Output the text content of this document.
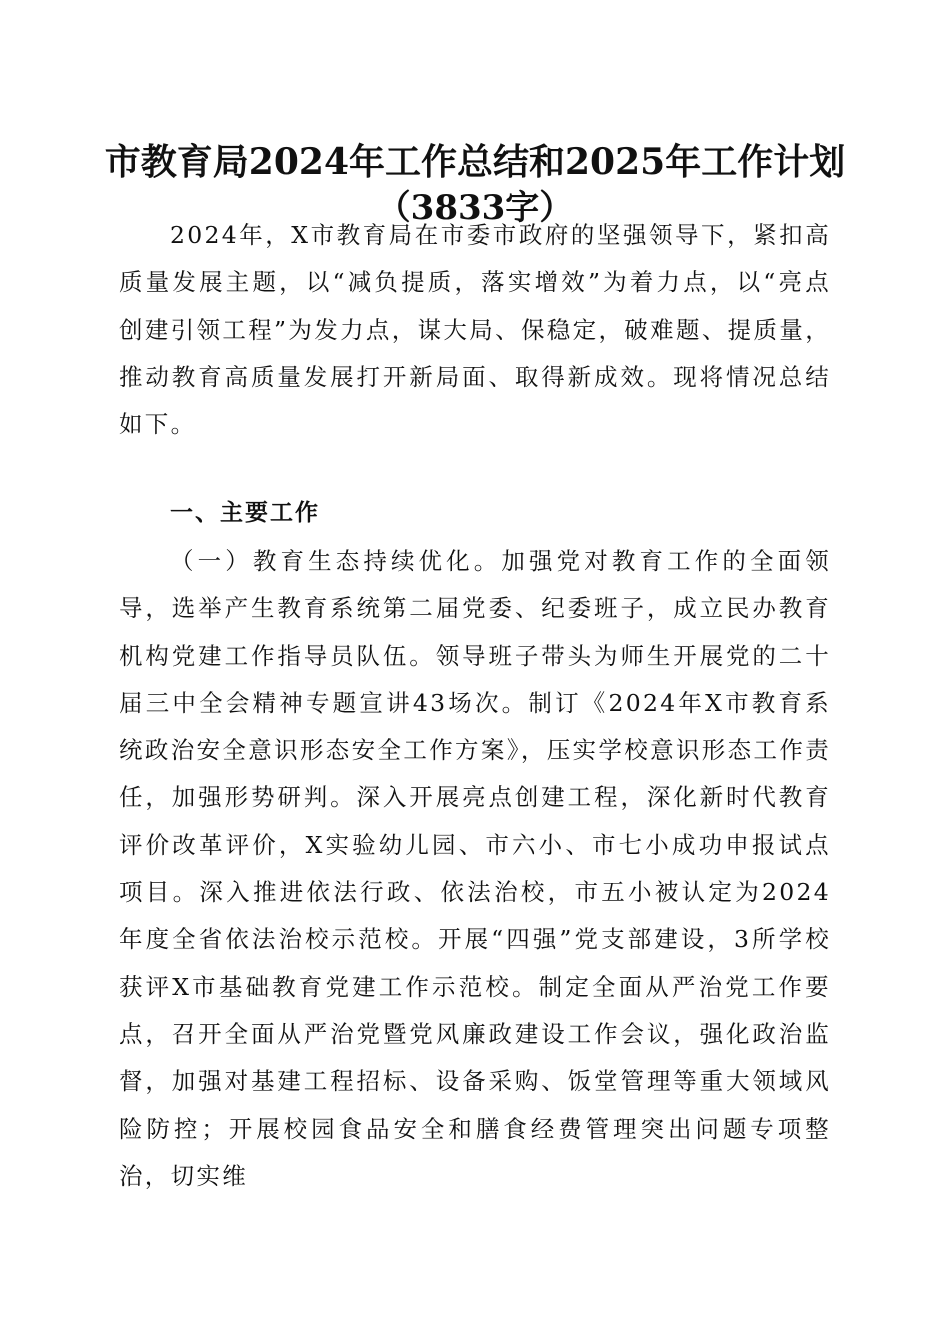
市教育局2024年工作总结和2025年工作计划
（3833字）
2024年，X市教育局在市委市政府的坚强领导下，紧扣高质量发展主题，以“减负提质，落实增效”为着力点，以“亮点创建引领工程”为发力点，谋大局、保稳定，破难题、提质量，推动教育高质量发展打开新局面、取得新成效。现将情况总结如下。
一、主要工作
（一）教育生态持续优化。加强党对教育工作的全面领导，选举产生教育系统第二届党委、纪委班子，成立民办教育机构党建工作指导员队伍。领导班子带头为师生开展党的二十届三中全会精神专题宣讲43场次。制订《2024年X市教育系统政治安全意识形态安全工作方案》，压实学校意识形态工作责任，加强形势研判。深入开展亮点创建工程，深化新时代教育评价改革评价，X实验幼儿园、市六小、市七小成功申报试点项目。深入推进依法行政、依法治校，市五小被认定为2024年度全省依法治校示范校。开展“四强”党支部建设，3所学校获评X市基础教育党建工作示范校。制定全面从严治党工作要点，召开全面从严治党暨党风廉政建设工作会议，强化政治监督，加强对基建工程招标、设备采购、饭堂管理等重大领域风险防控；开展校园食品安全和膳食经费管理突出问题专项整治，切实维
